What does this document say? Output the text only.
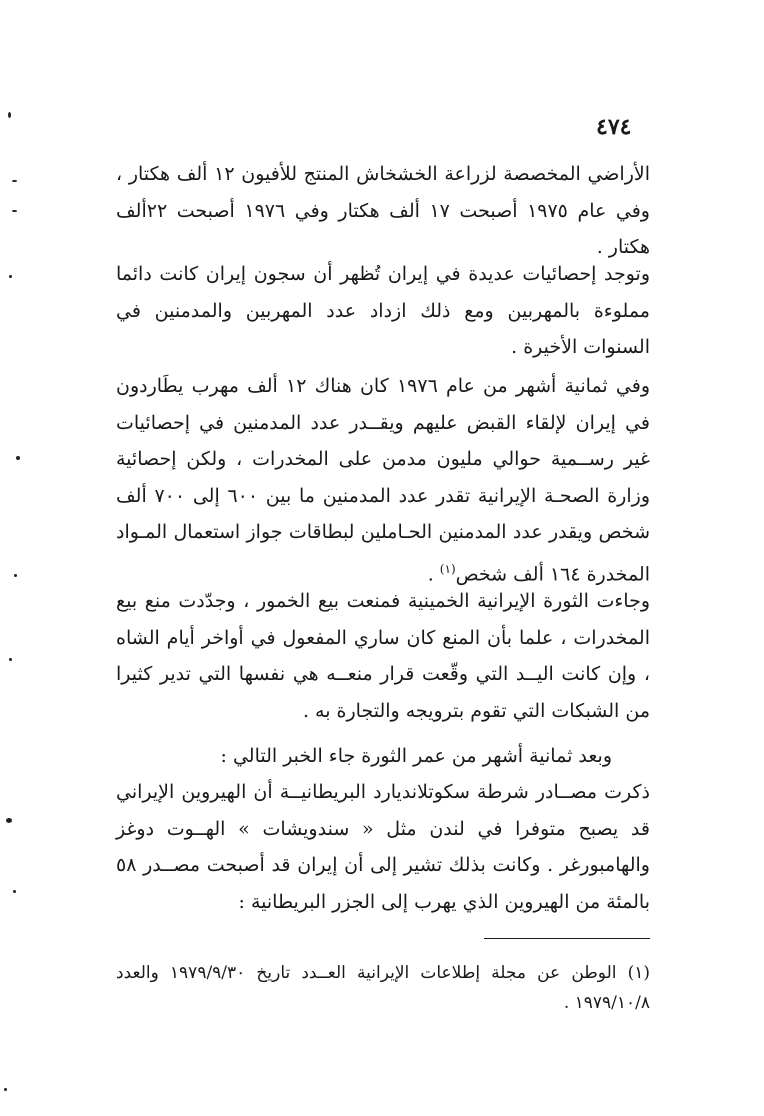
٤٧٤

الأراضي المخصصة لزراعة الخشخاش المنتج للأفيون ١٢ ألف هكتار ، وفي عام ١٩٧٥ أصبحت ١٧ ألف هكتار وفي ١٩٧٦ أصبحت ٢٢ألف هكتار .

وتوجد إحصائيات عديدة في إيران تُظهر أن سجون إيران كانت دائما مملوءة بالمهربين ومع ذلك ازداد عدد المهربين والمدمنين في السنوات الأخيرة .

وفي ثمانية أشهر من عام ١٩٧٦ كان هناك ١٢ ألف مهرب يطَاردون في إيران لإلقاء القبض عليهم ويقــدر عدد المدمنين في إحصائيات غير رســمية حوالي مليون مدمن على المخدرات ، ولكن إحصائية وزارة الصحـة الإيرانية تقدر عدد المدمنين ما بين ٦٠٠ إلى ٧٠٠ ألف شخص ويقدر عدد المدمنين الحـاملين لبطاقات جواز استعمال المـواد المخدرة ١٦٤ ألف شخص$^{(١)}$ .

وجاءت الثورة الإيرانية الخمينية فمنعت بيع الخمور ، وجدّدت منع بيع المخدرات ، علما بأن المنع كان ساري المفعول في أواخر أيام الشاه ، وإن كانت اليــد التي وقّعت قرار منعــه هي نفسها التي تدير كثيرا من الشبكات التي تقوم بترويجه والتجارة به .

وبعد ثمانية أشهر من عمر الثورة جاء الخبر التالي :

ذكرت مصــادر شرطة سكوتلانديارد البريطانيــة أن الهيروين الإيراني قد يصبح متوفرا في لندن مثل « سندويشات » الهــوت دوغز والهامبورغر . وكانت بذلك تشير إلى أن إيران قد أصبحت مصــدر ٥٨ بالمئة من الهيروين الذي يهرب إلى الجزر البريطانية :

(١) الوطن عن مجلة إطلاعات الإيرانية العــدد تاريخ ١٩٧٩/٩/٣٠ والعدد ١٩٧٩/١٠/٨ .
